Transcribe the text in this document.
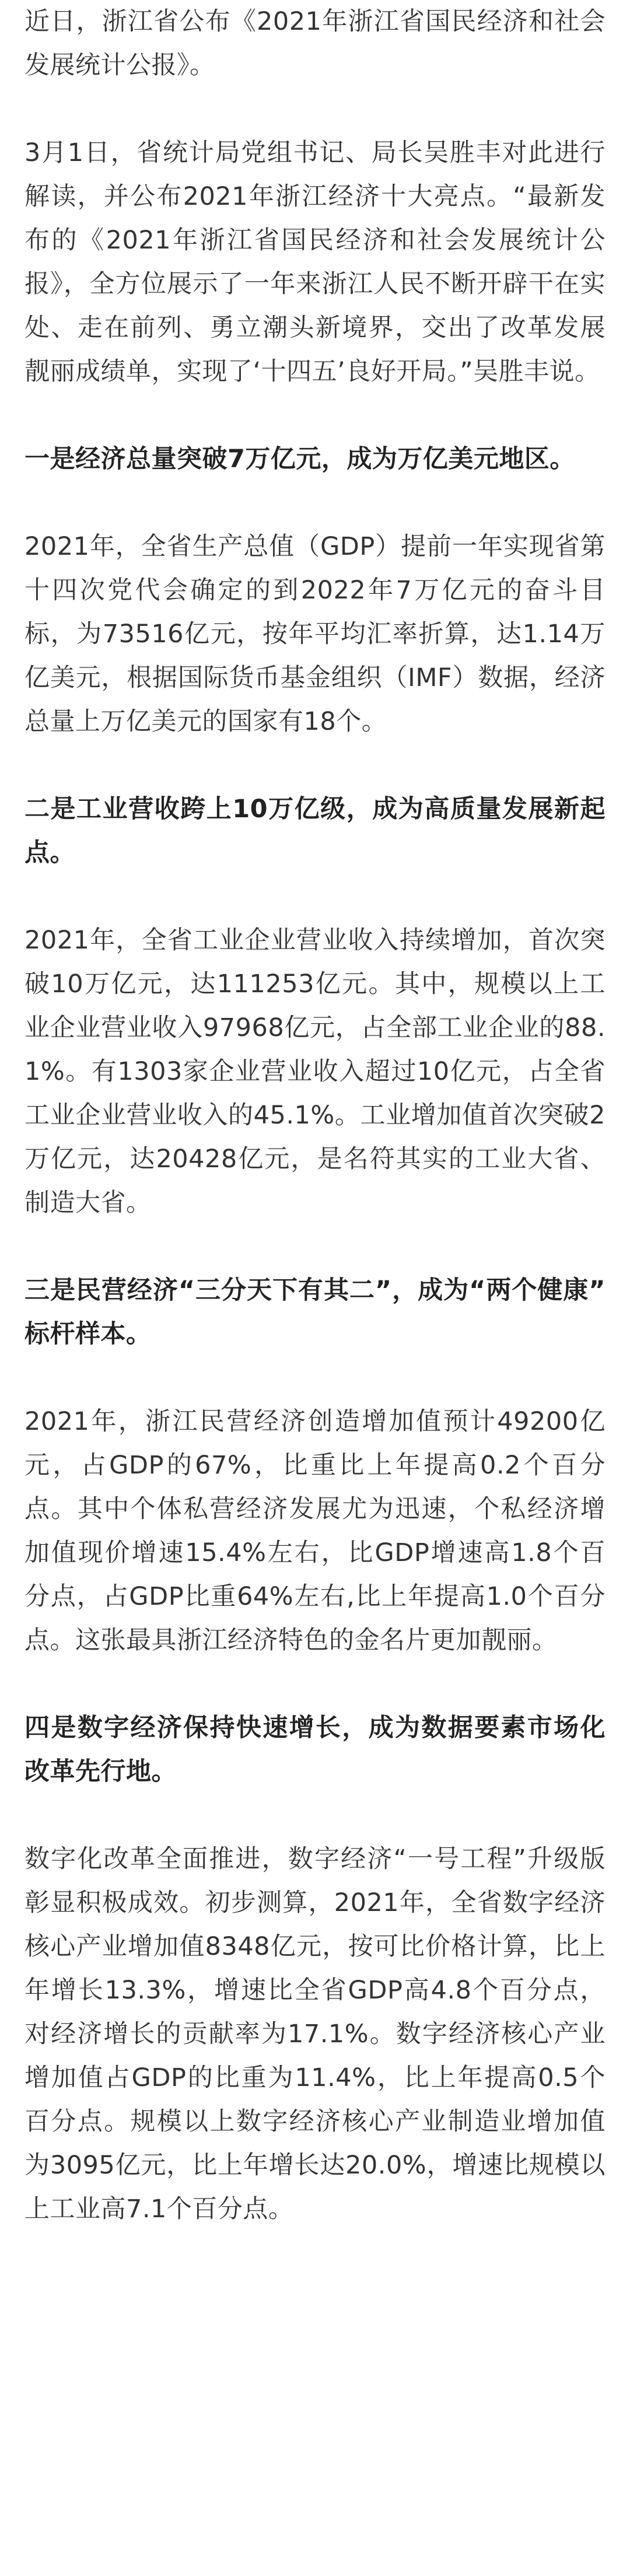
近日，浙江省公布《2021年浙江省国民经济和社会发展统计公报》。

3月1日，省统计局党组书记、局长吴胜丰对此进行解读，并公布2021年浙江经济十大亮点。“最新发布的《2021年浙江省国民经济和社会发展统计公报》，全方位展示了一年来浙江人民不断开辟干在实处、走在前列、勇立潮头新境界，交出了改革发展靓丽成绩单，实现了‘十四五’良好开局。”吴胜丰说。

一是经济总量突破7万亿元，成为万亿美元地区。

2021年，全省生产总值（GDP）提前一年实现省第十四次党代会确定的到2022年7万亿元的奋斗目标，为73516亿元，按年平均汇率折算，达1.14万亿美元，根据国际货币基金组织（IMF）数据，经济总量上万亿美元的国家有18个。

二是工业营收跨上10万亿级，成为高质量发展新起点。

2021年，全省工业企业营业收入持续增加，首次突破10万亿元，达111253亿元。其中，规模以上工业企业营业收入97968亿元，占全部工业企业的88.1%。有1303家企业营业收入超过10亿元，占全省工业企业营业收入的45.1%。工业增加值首次突破2万亿元，达20428亿元，是名符其实的工业大省、制造大省。

三是民营经济“三分天下有其二”，成为“两个健康” 标杆样本。

2021年，浙江民营经济创造增加值预计49200亿元，占GDP的67%，比重比上年提高0.2个百分点。其中个体私营经济发展尤为迅速，个私经济增加值现价增速15.4%左右，比GDP增速高1.8个百分点，占GDP比重64%左右,比上年提高1.0个百分点。这张最具浙江经济特色的金名片更加靓丽。

四是数字经济保持快速增长，成为数据要素市场化改革先行地。

数字化改革全面推进，数字经济“一号工程”升级版彰显积极成效。初步测算，2021年，全省数字经济核心产业增加值8348亿元，按可比价格计算，比上年增长13.3%，增速比全省GDP高4.8个百分点，对经济增长的贡献率为17.1%。数字经济核心产业增加值占GDP的比重为11.4%，比上年提高0.5个百分点。规模以上数字经济核心产业制造业增加值为3095亿元，比上年增长达20.0%，增速比规模以上工业高7.1个百分点。
